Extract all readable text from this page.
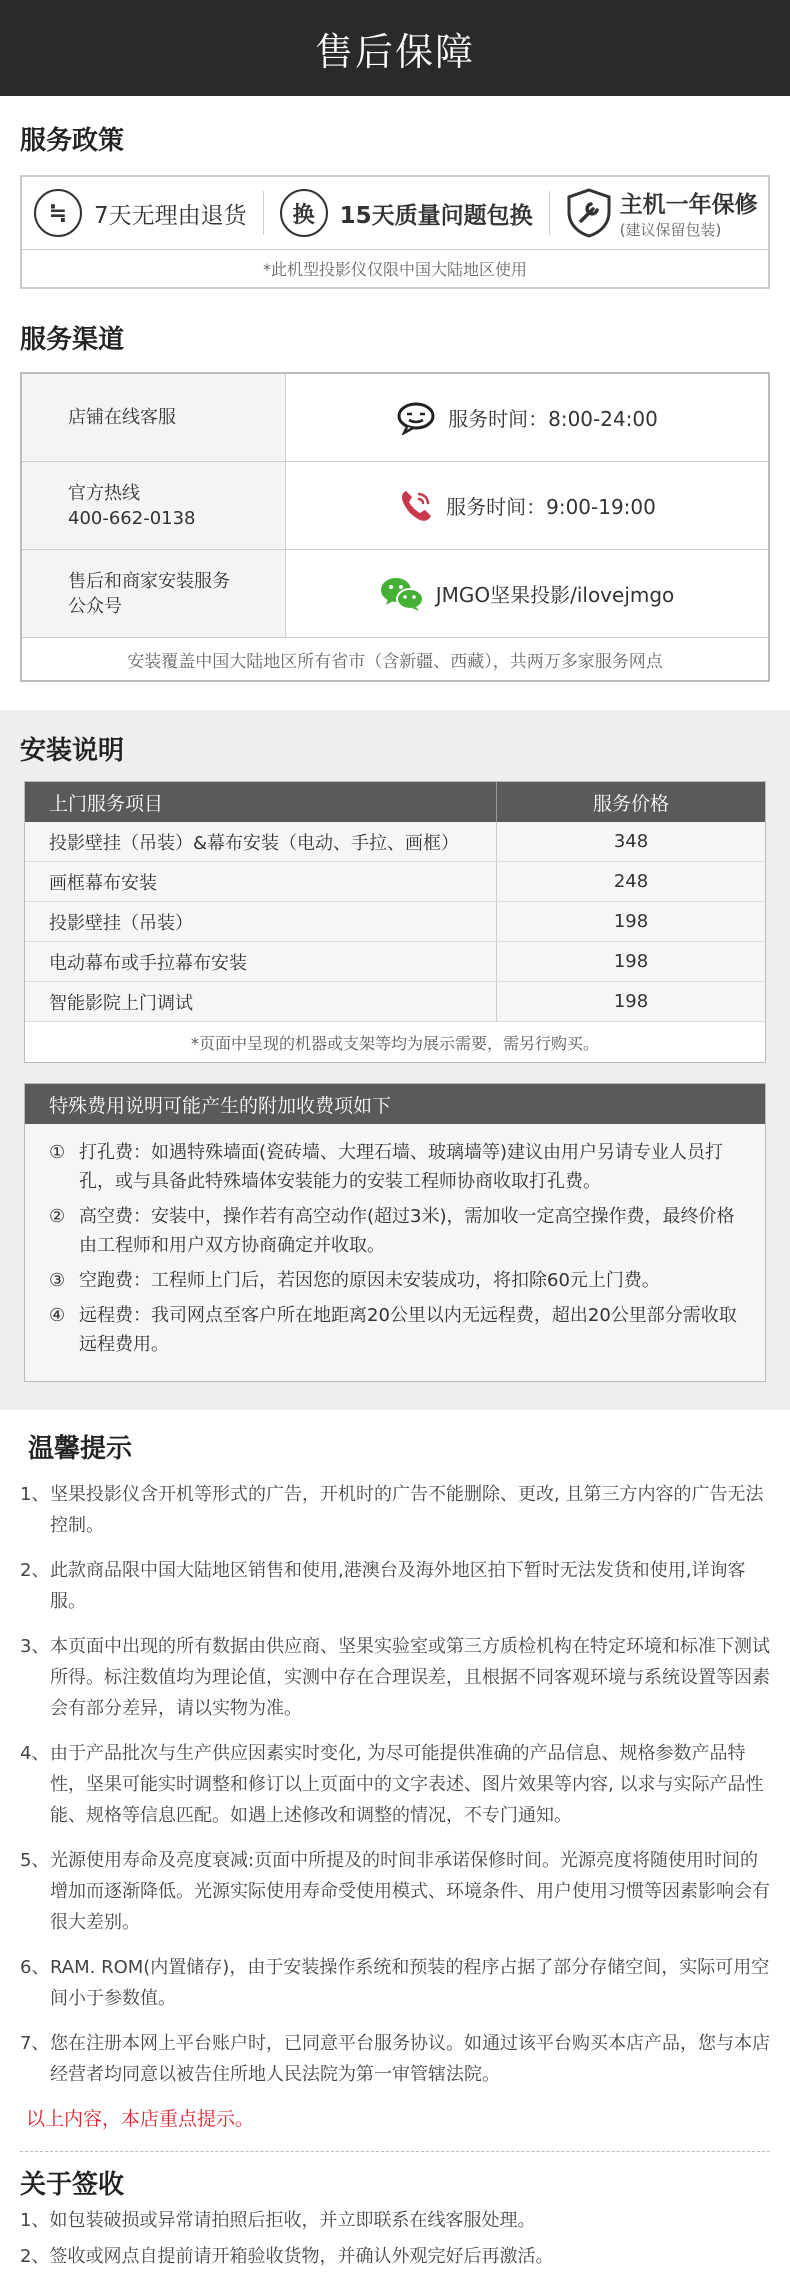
售后保障
服务政策
≒ 7天无理由退货 换 15天质量问题包换	主机一年保修
(建议保留包装)
*此机型投影仪仅限中国大陆地区使用
服务渠道
店铺在线客服	服务时间：8:00-24:00
官方热线
400-662-0138	服务时间：9:00-19:00
售后和商家安装服务
公众号	JMGO坚果投影/ilovejmgo
安装覆盖中国大陆地区所有省市（含新疆、西藏），共两万多家服务网点
安装说明
上门服务项目	服务价格
投影壁挂（吊装）&幕布安装（电动、手拉、画框）	348
画框幕布安装	248
投影壁挂（吊装）	198
电动幕布或手拉幕布安装	198
智能影院上门调试	198
*页面中呈现的机器或支架等均为展示需要，需另行购买。
特殊费用说明可能产生的附加收费项如下
① 打孔费：如遇特殊墙面(瓷砖墙、大理石墙、玻璃墙等)建议由用户另请专业人员打孔，或与具备此特殊墙体安装能力的安装工程师协商收取打孔费。
② 高空费：安装中，操作若有高空动作(超过3米)，需加收一定高空操作费，最终价格由工程师和用户双方协商确定并收取。
③ 空跑费：工程师上门后，若因您的原因未安装成功，将扣除60元上门费。
④ 远程费：我司网点至客户所在地距离20公里以内无远程费，超出20公里部分需收取远程费用。
温馨提示
1、 坚果投影仪含开机等形式的广告，开机时的广告不能删除、更改, 且第三方内容的广告无法控制。
2、 此款商品限中国大陆地区销售和使用,港澳台及海外地区拍下暂时无法发货和使用,详询客服。
3、 本页面中出现的所有数据由供应商、坚果实验室或第三方质检机构在特定环境和标准下测试所得。标注数值均为理论值，实测中存在合理误差，且根据不同客观环境与系统设置等因素会有部分差异，请以实物为准。
4、 由于产品批次与生产供应因素实时变化, 为尽可能提供准确的产品信息、规格参数产品特性，坚果可能实时调整和修订以上页面中的文字表述、图片效果等内容, 以求与实际产品性能、规格等信息匹配。如遇上述修改和调整的情况，不专门通知。
5、 光源使用寿命及亮度衰减:页面中所提及的时间非承诺保修时间。光源亮度将随使用时间的增加而逐渐降低。光源实际使用寿命受使用模式、环境条件、用户使用习惯等因素影响会有很大差别。
6、 RAM. ROM(内置储存)，由于安装操作系统和预装的程序占据了部分存储空间，实际可用空间小于参数值。
7、 您在注册本网上平台账户时，已同意平台服务协议。如通过该平台购买本店产品，您与本店经营者均同意以被告住所地人民法院为第一审管辖法院。
以上内容，本店重点提示。
关于签收
1、如包装破损或异常请拍照后拒收，并立即联系在线客服处理。
2、签收或网点自提前请开箱验收货物，并确认外观完好后再激活。
